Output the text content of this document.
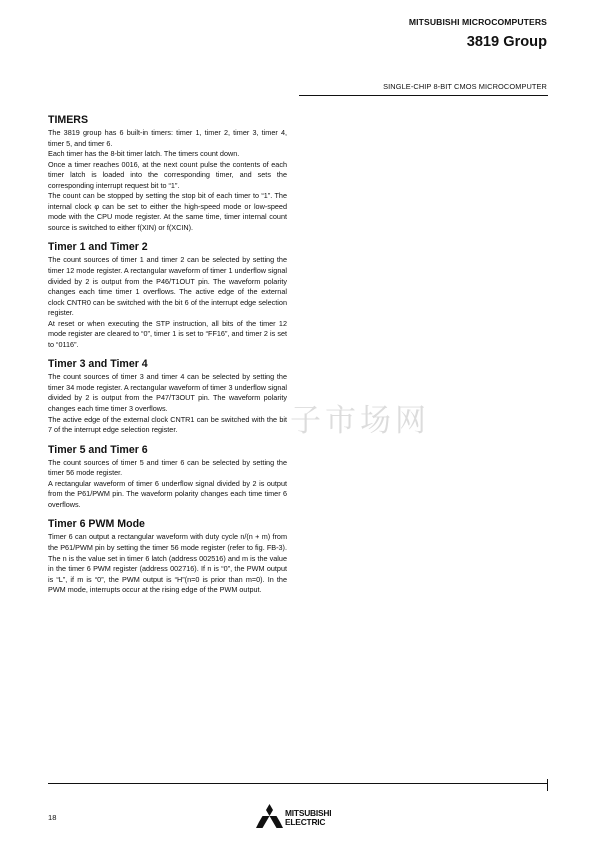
MITSUBISHI MICROCOMPUTERS
3819 Group
SINGLE-CHIP 8-BIT CMOS MICROCOMPUTER
子市场网
TIMERS

The 3819 group has 6 built-in timers: timer 1, timer 2, timer 3, timer 4, timer 5, and timer 6.

Each timer has the 8-bit timer latch. The timers count down.

Once a timer reaches 0016, at the next count pulse the contents of each timer latch is loaded into the corresponding timer, and sets the corresponding interrupt request bit to “1”.

The count can be stopped by setting the stop bit of each timer to “1”. The internal clock φ can be set to either the high-speed mode or low-speed mode with the CPU mode register. At the same time, timer internal count source is switched to either f(XIN) or f(XCIN).

Timer 1 and Timer 2

The count sources of timer 1 and timer 2 can be selected by setting the timer 12 mode register. A rectangular waveform of timer 1 underflow signal divided by 2 is output from the P46/T1OUT pin. The waveform polarity changes each time timer 1 overflows. The active edge of the external clock CNTR0 can be switched with the bit 6 of the interrupt edge selection register.

At reset or when executing the STP instruction, all bits of the timer 12 mode register are cleared to “0”, timer 1 is set to “FF16”, and timer 2 is set to “0116”.

Timer 3 and Timer 4

The count sources of timer 3 and timer 4 can be selected by setting the timer 34 mode register. A rectangular waveform of timer 3 underflow signal divided by 2 is output from the P47/T3OUT pin. The waveform polarity changes each time timer 3 overflows.

The active edge of the external clock CNTR1 can be switched with the bit 7 of the interrupt edge selection register.

Timer 5 and Timer 6

The count sources of timer 5 and timer 6 can be selected by setting the timer 56 mode register.

A rectangular waveform of timer 6 underflow signal divided by 2 is output from the P61/PWM pin. The waveform polarity changes each time timer 6 overflows.

Timer 6 PWM Mode

Timer 6 can output a rectangular waveform with duty cycle n/(n + m) from the P61/PWM pin by setting the timer 56 mode register (refer to fig. FB-3). The n is the value set in timer 6 latch (address 002516) and m is the value in the timer 6 PWM register (address 002716). If n is “0”, the PWM output is “L”, if m is “0”, the PWM output is “H”(n=0 is prior than m=0). In the PWM mode, interrupts occur at the rising edge of the PWM output.

18	MITSUBISHI
ELECTRIC
